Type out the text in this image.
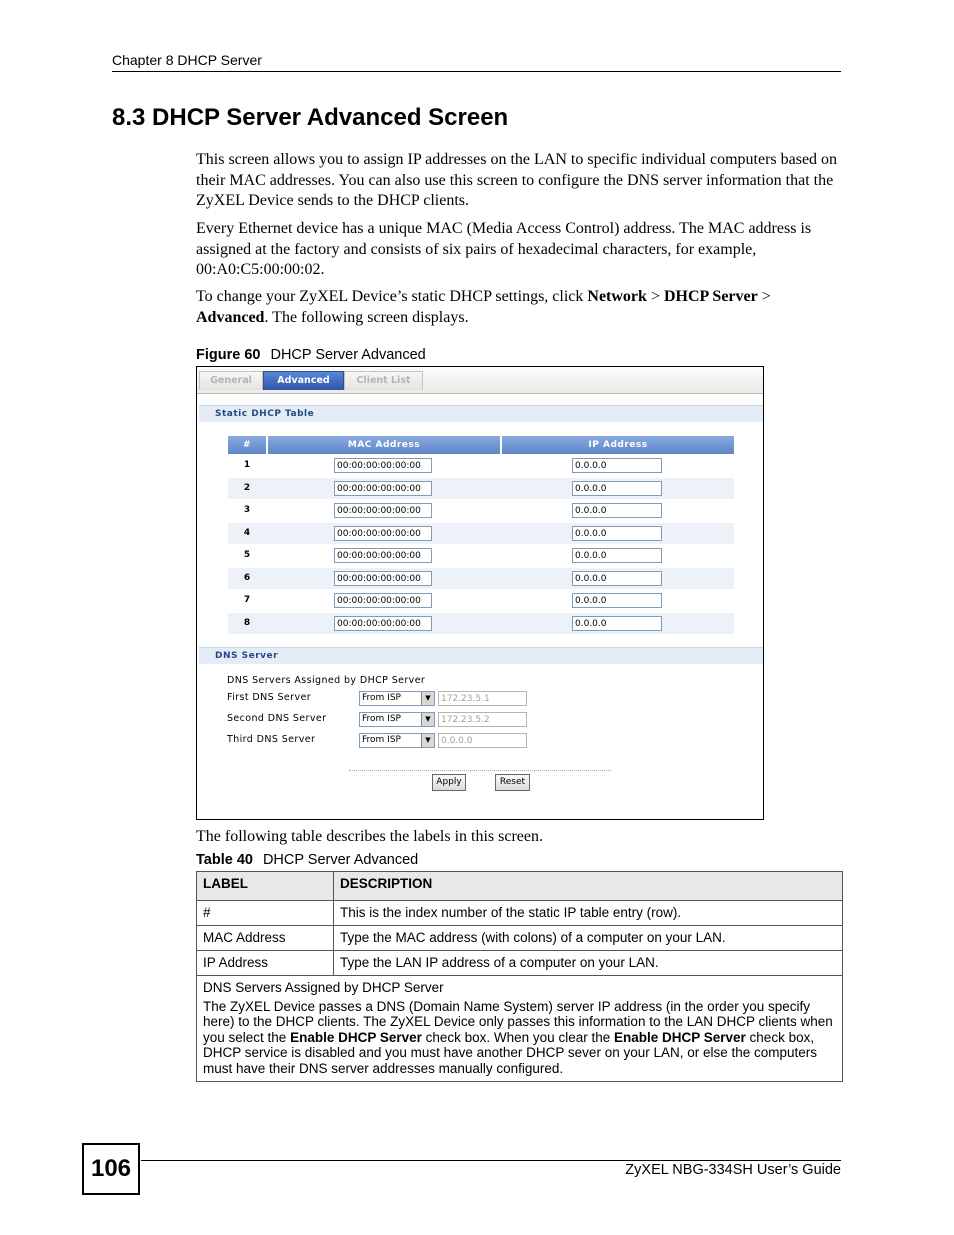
Chapter 8 DHCP Server
8.3 DHCP Server Advanced Screen
This screen allows you to assign IP addresses on the LAN to specific individual computers based on their MAC addresses. You can also use this screen to configure the DNS server information that the ZyXEL Device sends to the DHCP clients.
Every Ethernet device has a unique MAC (Media Access Control) address. The MAC address is assigned at the factory and consists of six pairs of hexadecimal characters, for example, 00:A0:C5:00:00:02.
To change your ZyXEL Device’s static DHCP settings, click Network > DHCP Server > Advanced. The following screen displays.
Figure 60 DHCP Server Advanced
General	Advanced	Client List
Static DHCP Table
#	MAC Address	IP Address
1	00:00:00:00:00:00	0.0.0.0
2	00:00:00:00:00:00	0.0.0.0
3	00:00:00:00:00:00	0.0.0.0
4	00:00:00:00:00:00	0.0.0.0
5	00:00:00:00:00:00	0.0.0.0
6	00:00:00:00:00:00	0.0.0.0
7	00:00:00:00:00:00	0.0.0.0
8	00:00:00:00:00:00	0.0.0.0
DNS Server
DNS Servers Assigned by DHCP Server
First DNS Server	From ISP	▼	172.23.5.1
Second DNS Server	From ISP	▼	172.23.5.2
Third DNS Server	From ISP	▼	0.0.0.0
Apply	Reset
The following table describes the labels in this screen.
Table 40 DHCP Server Advanced
LABEL	DESCRIPTION
#	This is the index number of the static IP table entry (row).
MAC Address	Type the MAC address (with colons) of a computer on your LAN.
IP Address	Type the LAN IP address of a computer on your LAN.

DNS Servers Assigned by DHCP Server
The ZyXEL Device passes a DNS (Domain Name System) server IP address (in the order you specify here) to the DHCP clients. The ZyXEL Device only passes this information to the LAN DHCP clients when you select the Enable DHCP Server check box. When you clear the Enable DHCP Server check box, DHCP service is disabled and you must have another DHCP sever on your LAN, or else the computers must have their DNS server addresses manually configured.	
106	ZyXEL NBG-334SH User’s Guide
